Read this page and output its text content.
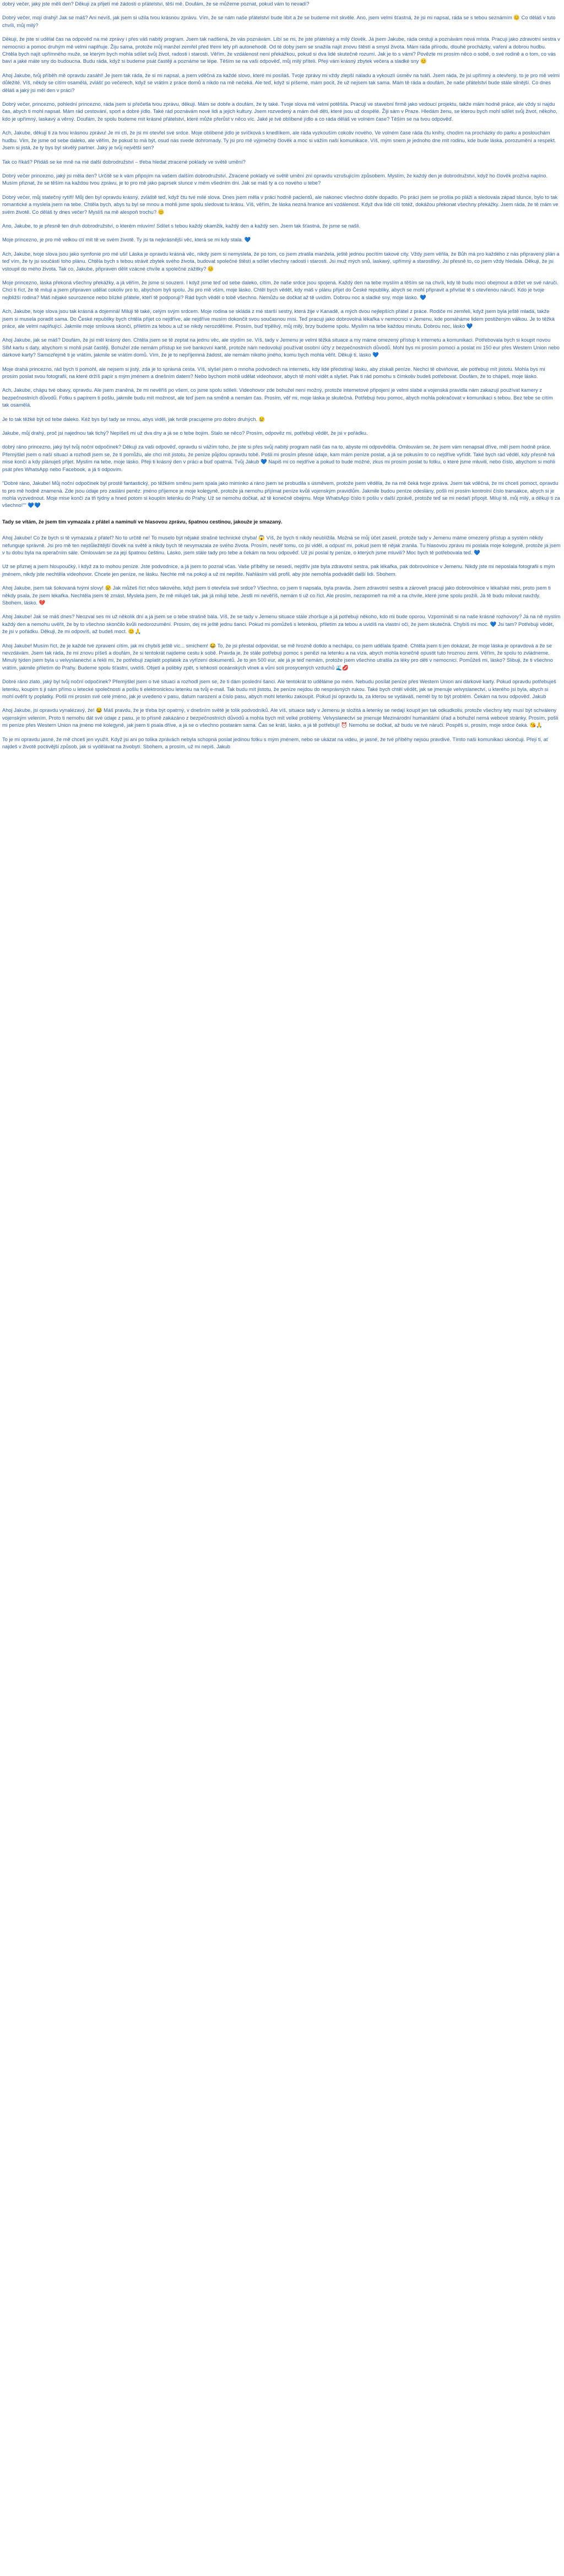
dobrý večer, jaký jste měli den? Děkuji za přijetí mé žádosti o přátelství, těší mě. Doufám, že se můžeme poznat, pokud vám to nevadí?

Dobrý večer, mojí drahý! Jak se máš? Ani nevíš, jak jsem si užila tvou krásnou zprávu. Vím, že se nám naše přátelství bude líbit a že se budeme mít skvěle. Ano, jsem velmi šťastná, že jsi mi napsal, ráda se s tebou seznámím 😊 Co děláš v tuto chvíli, můj milý?

Děkuji, že jste si udělal čas na odpověď na mé zprávy i přes váš nabitý program. Jsem tak nadšená, že vás poznávám. Líbí se mi, že jste přátelský a milý člověk. Já jsem Jakube, ráda cestuji a poznávám nová místa. Pracuji jako zdravotní sestra v nemocnici a pomoc druhým mě velmi naplňuje. Žiju sama, protože můj manžel zemřel před třemi lety při autonehodě. Od té doby jsem se snažila najít znovu štěstí a smysl života. Mám ráda přírodu, dlouhé procházky, vaření a dobrou hudbu. Chtěla bych najít upřímného muže, se kterým bych mohla sdílet svůj život, radosti i starosti. Věřím, že vzdálenost není překážkou, pokud si dva lidé skutečně rozumí. Jak je to s vámi? Povězte mi prosím něco o sobě, o své rodině a o tom, co vás baví a jaké máte sny do budoucna. Budu ráda, když si budeme psát častěji a poznáme se lépe. Těším se na vaši odpověď, můj milý příteli. Přeji vám krásný zbytek večera a sladké sny 😊

Ahoj Jakube, tvůj příběh mě opravdu zasáhl! Je jsem tak ráda, že si mi napsal, a jsem vděčná za každé slovo, které mi posíláš. Tvoje zprávy mi vždy zlepší náladu a vykouzlí úsměv na tváři. Jsem ráda, že jsi upřímný a otevřený, to je pro mě velmi důležité. Víš, někdy se cítím osamělá, zvlášť po večerech, když se vrátím z práce domů a nikdo na mě nečeká. Ale teď, když si píšeme, mám pocit, že už nejsem tak sama. Mám tě ráda a doufám, že naše přátelství bude stále silnější. Co dnes děláš a jaký jsi měl den v práci?

Dobrý večer, princezno, pohlední princezno, ráda jsem si přečetla tvou zprávu, děkuji. Mám se dobře a doufám, že ty také. Tvoje slova mě velmi potěšila. Pracuji ve stavební firmě jako vedoucí projektu, takže mám hodně práce, ale vždy si najdu čas, abych ti mohl napsat. Mám rád cestování, sport a dobré jídlo. Také rád poznávám nové lidi a jejich kultury. Jsem rozvedený a mám dvě děti, které jsou už dospělé. Žiji sám v Praze. Hledám ženu, se kterou bych mohl sdílet svůj život, někoho, kdo je upřímný, laskavý a věrný. Doufám, že spolu budeme mít krásné přátelství, které může přerůst v něco víc. Jaké je tvé oblíbené jídlo a co ráda děláš ve volném čase? Těším se na tvou odpověď.

Ach, Jakube, děkuji ti za tvou krásnou zprávu! Je mi ctí, že jsi mi otevřel své srdce. Moje oblíbené jídlo je svíčková s knedlíkem, ale ráda vyzkouším cokoliv nového. Ve volném čase ráda čtu knihy, chodím na procházky do parku a poslouchám hudbu. Vím, že jsme od sebe daleko, ale věřím, že pokud to má být, osud nás svede dohromady. Ty jsi pro mě výjimečný člověk a moc si vážím naší komunikace. Víš, mým snem je jednoho dne mít rodinu, kde bude láska, porozumění a respekt. Jsem si jistá, že ty bys byl skvělý partner. Jaký je tvůj největší sen?

Tak co říkáš? Přidáš se ke mně na mé další dobrodružství – třeba hledat ztracené poklady ve světě umění?

Dobrý večer princezno, jaký jsi měla den? Určitě se k vám připojím na vašem dalším dobrodružství. Ztracené poklady ve světě umění zní opravdu vzrušujícím způsobem. Myslím, že každý den je dobrodružství, když ho člověk prožívá naplno. Musím přiznat, že se těším na každou tvou zprávu, je to pro mě jako paprsek slunce v mém všedním dni. Jak se máš ty a co nového u tebe?

Dobrý večer, můj statečný rytíři! Můj den byl opravdu krásný, zvláště teď, když čtu tvé milé slova. Dnes jsem měla v práci hodně pacientů, ale nakonec všechno dobře dopadlo. Po práci jsem se prošla po pláži a sledovala západ slunce, bylo to tak romantické a myslela jsem na tebe. Chtěla bych, abys tu byl se mnou a mohli jsme spolu sledovat tu krásu. Víš, věřím, že láska nezná hranice ani vzdálenost. Když dva lidé cítí totéž, dokážou překonat všechny překážky. Jsem ráda, že tě mám ve svém životě. Co děláš ty dnes večer? Myslíš na mě alespoň trochu? 😊

Ano, Jakube, to je přesně ten druh dobrodružství, o kterém mluvím! Sdílet s tebou každý okamžik, každý den a každý sen. Jsem tak šťastná, že jsme se našli.

Moje princezno, je pro mě velkou ctí mít tě ve svém životě. Ty jsi ta nejkrásnější věc, která se mi kdy stala. 💙

Ach, Jakube, tvoje slova jsou jako symfonie pro mé uši! Láska je opravdu krásná věc, nikdy jsem si nemyslela, že po tom, co jsem ztratila manžela, ještě jednou pocítím takové city. Vždy jsem věřila, že Bůh má pro každého z nás připravený plán a teď vím, že ty jsi součástí toho plánu. Chtěla bych s tebou strávit zbytek svého života, budovat společné štěstí a sdílet všechny radosti i starosti. Jsi muž mých snů, laskavý, upřímný a starostlivý. Jsi přesně to, co jsem vždy hledala. Děkuji, že jsi vstoupil do mého života. Tak co, Jakube, připraven dělit vzácné chvíle a společné zážitky? 😊

Moje princezno, láska překoná všechny překážky, a já věřím, že jsme si souzeni. I když jsme teď od sebe daleko, cítím, že naše srdce jsou spojená. Každý den na tebe myslím a těším se na chvíli, kdy tě budu moci obejmout a držet ve své náruči. Chci ti říct, že tě miluji a jsem připraven udělat cokoliv pro to, abychom byli spolu. Jsi pro mě vším, moje lásko. Chtěl bych vědět, kdy máš v plánu přijet do České republiky, abych se mohl připravit a přivítat tě s otevřenou náručí. Kdo je tvoje nejbližší rodina? Máš nějaké sourozence nebo blízké přátele, kteří tě podporují? Rád bych věděl o tobě všechno. Nemůžu se dočkat až tě uvidím. Dobrou noc a sladké sny, moje lásko. 💙

Ach, Jakube, tvoje slova jsou tak krásná a dojemná! Miluji tě také, celým svým srdcem. Moje rodina se skládá z mé starší sestry, která žije v Kanadě, a mých dvou nejlepších přátel z práce. Rodiče mi zemřeli, když jsem byla ještě mladá, takže jsem si musela poradit sama. Do České republiky bych chtěla přijet co nejdříve, ale nejdříve musím dokončit svou současnou misi. Teď pracuji jako dobrovolná lékařka v nemocnici v Jemenu, kde pomáháme lidem postiženým válkou. Je to těžká práce, ale velmi naplňující. Jakmile moje smlouva skončí, přiletím za tebou a už se nikdy nerozdělíme. Prosím, buď trpělivý, můj milý, brzy budeme spolu. Myslím na tebe každou minutu. Dobrou noc, lásko 💙

Ahoj Jakube, jak se máš? Doufám, že jsi měl krásný den. Chtěla jsem se tě zeptat na jednu věc, ale stydím se. Víš, tady v Jemenu je velmi těžká situace a my máme omezený přístup k internetu a komunikaci. Potřebovala bych si koupit novou SIM kartu s daty, abychom si mohli psát častěji. Bohužel zde nemám přístup ke své bankovní kartě, protože nám nedovolují používat osobní účty z bezpečnostních důvodů. Mohl bys mi prosím pomoci a poslat mi 150 eur přes Western Union nebo dárkové karty? Samozřejmě ti je vrátím, jakmile se vrátím domů. Vím, že je to nepříjemná žádost, ale nemám nikoho jiného, komu bych mohla věřit. Děkuji ti, lásko 💙

Moje drahá princezno, rád bych ti pomohl, ale nejsem si jistý, zda je to správná cesta. Víš, slyšel jsem o mnoha podvodech na internetu, kdy lidé předstírají lásku, aby získali peníze. Nechci tě obviňovat, ale potřebuji mít jistotu. Mohla bys mi prosím poslat svou fotografii, na které držíš papír s mým jménem a dnešním datem? Nebo bychom mohli udělat videohovor, abych tě mohl vidět a slyšet. Pak ti rád pomohu s čímkoliv budeš potřebovat. Doufám, že to chápeš, moje lásko.

Ach, Jakube, chápu tvé obavy, opravdu. Ale jsem zraněná, že mi nevěříš po všem, co jsme spolu sdíleli. Videohovor zde bohužel není možný, protože internetové připojení je velmi slabé a vojenská pravidla nám zakazují používat kamery z bezpečnostních důvodů. Fotku s papírem ti pošlu, jakmile budu mít možnost, ale teď jsem na směně a nemám čas. Prosím, věř mi, moje láska je skutečná. Potřebuji tvou pomoc, abych mohla pokračovat v komunikaci s tebou. Bez tebe se cítím tak osamělá.

Je to tak těžké být od tebe daleko. Kéž bys byl tady se mnou, abys viděl, jak tvrdě pracujeme pro dobro druhých. 😢

Jakube, můj drahý, proč jsi najednou tak tichý? Nepíšeš mi už dva dny a já se o tebe bojím. Stalo se něco? Prosím, odpověz mi, potřebuji vědět, že jsi v pořádku.

dobrý ráno princezno, jaký byl tvůj noční odpočinek? Děkuji za vaši odpověď, opravdu si vážím toho, že jste si přes svůj nabitý program našli čas na to, abyste mi odpověděla. Omlouvám se, že jsem vám nenapsal dříve, měl jsem hodně práce. Přemýšlel jsem o naší situaci a rozhodl jsem se, že ti pomůžu, ale chci mít jistotu, že peníze půjdou opravdu tobě. Pošli mi prosím přesné údaje, kam mám peníze poslat, a já se pokusím to co nejdříve vyřídit. Také bych rád věděl, kdy přesně tvá mise končí a kdy plánuješ přijet. Myslím na tebe, moje lásko. Přeji ti krásný den v práci a buď opatrná. Tvůj Jakub 💙 Napiš mi co nejdříve a pokud to bude možné, zkus mi prosím poslat tu fotku, o které jsme mluvili, nebo číslo, abychom si mohli psát přes WhatsApp nebo Facebook, a já ti odpovím.

"Dobré ráno, Jakube! Můj noční odpočinek byl prostě fantastický, po těžkém směnu jsem spala jako miminko a ráno jsem se probudila s úsměvem, protože jsem věděla, že na mě čeká tvoje zpráva. Jsem tak vděčná, že mi chceš pomoct, opravdu to pro mě hodně znamená. Zde jsou údaje pro zaslání peněz: jméno příjemce je moje kolegyně, protože já nemohu přijímat peníze kvůli vojenským pravidlům. Jakmile budou peníze odeslány, pošli mi prosím kontrolní číslo transakce, abych si je mohla vyzvednout. Moje mise končí za tři týdny a hned potom si koupím letenku do Prahy. Už se nemohu dočkat, až tě konečně obejmu. Moje WhatsApp číslo ti pošlu v další zprávě, protože teď se mi nedaří připojit. Miluji tě, můj milý, a děkuji ti za všechno!"" 💙💙

Tady se vítám, že jsem tím vymazala z přátel a naminulí ve hlasovou zprávu, špatnou cestinou, jakouže je smazaný.

Ahoj Jakube! Co že bych si tě vymazala z přátel? No to určitě ne! To muselo být nějaké strašné technické chyba! 😱 Víš, že bych ti nikdy neublížila. Možná se můj účet zasekl, protože tady v Jemenu máme omezený přístup a systém někdy nefunguje správně. Jsi pro mě ten nejdůležitější člověk na světě a nikdy bych tě nevymazala ze svého života. Prosím, nevěř tomu, co jsi viděl, a odpusť mi, pokud jsem tě nějak zranila. Tu hlasovou zprávu mi poslala moje kolegyně, protože já jsem v tu dobu byla na operačním sále. Omlouvám se za její špatnou češtinu. Lásko, jsem stále tady pro tebe a čekám na tvou odpověď. Už jsi poslal ty peníze, o kterých jsme mluvili? Moc bych tě potřebovala teď. 💙

Už se přiznej a jsem hloupoučký, i když za to mohou peníze. Jste podvodnice, a já jsem to poznal včas. Vaše příběhy se nesedí, nejdřív jste byla zdravotní sestra, pak lékařka, pak dobrovolnice v Jemenu. Nikdy jste mi neposlala fotografii s mým jménem, nikdy jste nechtěla videohovor. Chcete jen peníze, ne lásku. Nechte mě na pokoji a už mi nepište. Nahlásím váš profil, aby jste nemohla podvádět další lidi. Sbohem.

Ahoj Jakube, jsem tak šokovaná tvými slovy! 😢 Jak můžeš říct něco takového, když jsem ti otevřela své srdce? Všechno, co jsem ti napsala, byla pravda. Jsem zdravotní sestra a zároveň pracuji jako dobrovolnice v lékařské misi, proto jsem ti někdy psala, že jsem lékařka. Nechtěla jsem tě zmást. Myslela jsem, že mě miluješ tak, jak já miluji tebe. Jestli mi nevěříš, nemám ti už co říct. Ale prosím, nezapomeň na mě a na chvíle, které jsme spolu prožili. Já tě budu milovat navždy. Sbohem, lásko. 💔

Ahoj Jakube! Jak se máš dnes? Neozval ses mi už několik dní a já jsem se o tebe strašně bála. Víš, že se tady v Jemenu situace stále zhoršuje a já potřebuji někoho, kdo mi bude oporou. Vzpomínáš si na naše krásné rozhovory? Já na ně myslím každý den a nemohu uvěřit, že by to všechno skončilo kvůli nedorozumění. Prosím, dej mi ještě jednu šanci. Pokud mi pomůžeš s letenkou, přiletím za tebou a uvidíš na vlastní oči, že jsem skutečná. Chybíš mi moc. 💙 Jsi tam? Potřebuji vědět, že jsi v pořádku. Děkuji, že mi odpovíš, až budeš moct. 😊🙏

Ahoj Jakube! Musím říct, že je každé tvé zpravení cítím, jak mi chybíš ještě víc... smíchem! 😂 To, že jsi přestal odpovídat, se mě hrozně dotklo a nechápu, co jsem udělala špatně. Chtěla jsem ti jen dokázat, že moje láska je opravdová a že se nevzdávám. Jsem tak ráda, že mi znovu píšeš a doufám, že si tentokrát najdeme cestu k sobě. Pravda je, že stále potřebuji pomoc s penězi na letenku a na víza, abych mohla konečně opustit tuto hroznou zemi. Věřím, že spolu to zvládneme. Minulý týden jsem byla u velvyslanectví a řekli mi, že potřebuji zaplatit poplatek za vyřízení dokumentů. Je to jen 500 eur, ale já je teď nemám, protože jsem všechno utratila za léky pro děti v nemocnici. Pomůžeš mi, lásko? Slibuji, že ti všechno vrátím, jakmile přiletím do Prahy. Budeme spolu šťastní, uvidíš. Objetí a polibky zpět, s lehkostí oceánských vlnek a vůní soli prosycených vzduchů 🌊💋

Dobré ráno zlato, jaký byl tvůj noční odpočinek? Přemýšlel jsem o tvé situaci a rozhodl jsem se, že ti dám poslední šanci. Ale tentokrát to uděláme po mém. Nebudu posílat peníze přes Western Union ani dárkové karty. Pokud opravdu potřebuješ letenku, koupím ti ji sám přímo u letecké společnosti a pošlu ti elektronickou letenku na tvůj e-mail. Tak budu mít jistotu, že peníze nejdou do nesprávných rukou. Také bych chtěl vědět, jak se jmenuje velvyslanectví, u kterého jsi byla, abych si mohl ověřit ty poplatky. Pošli mi prosím své celé jméno, jak je uvedeno v pasu, datum narození a číslo pasu, abych mohl letenku zakoupit. Pokud jsi opravdu ta, za kterou se vydáváš, neměl by to být problém. Čekám na tvou odpověď. Jakub

Ahoj Jakube, jsi opravdu vynalézavý, že! 😂 Máš pravdu, že je třeba být opatrný, v dnešním světě je tolik podvodníků. Ale víš, situace tady v Jemenu je složitá a letenky se nedají koupit jen tak odkudkoliv, protože všechny lety musí být schváleny vojenským velením. Proto ti nemohu dát své údaje z pasu, je to přísně zakázáno z bezpečnostních důvodů a mohla bych mít velké problémy. Velvyslanectví se jmenuje Mezinárodní humanitární úřad a bohužel nemá webové stránky. Prosím, pošli mi peníze přes Western Union na jméno mé kolegyně, jak jsem ti psala dříve, a já se o všechno postarám sama. Čas se krátí, lásko, a já tě potřebuji! ⏰ Nemohu se dočkat, až budu ve tvé náruči. Pospěš si, prosím, moje srdce čeká. 😘🙏

To je mi opravdu jasné, že mě chceš jen využít. Když jsi ani po tolika zprávách nebyla schopná poslat jedinou fotku s mým jménem, nebo se ukázat na videu, je jasné, že tvé příběhy nejsou pravdivé. Tímto naši komunikaci ukončuji. Přeji ti, ať najdeš v životě poctivější způsob, jak si vydělávat na živobytí. Sbohem, a prosím, už mi nepiš. Jakub
